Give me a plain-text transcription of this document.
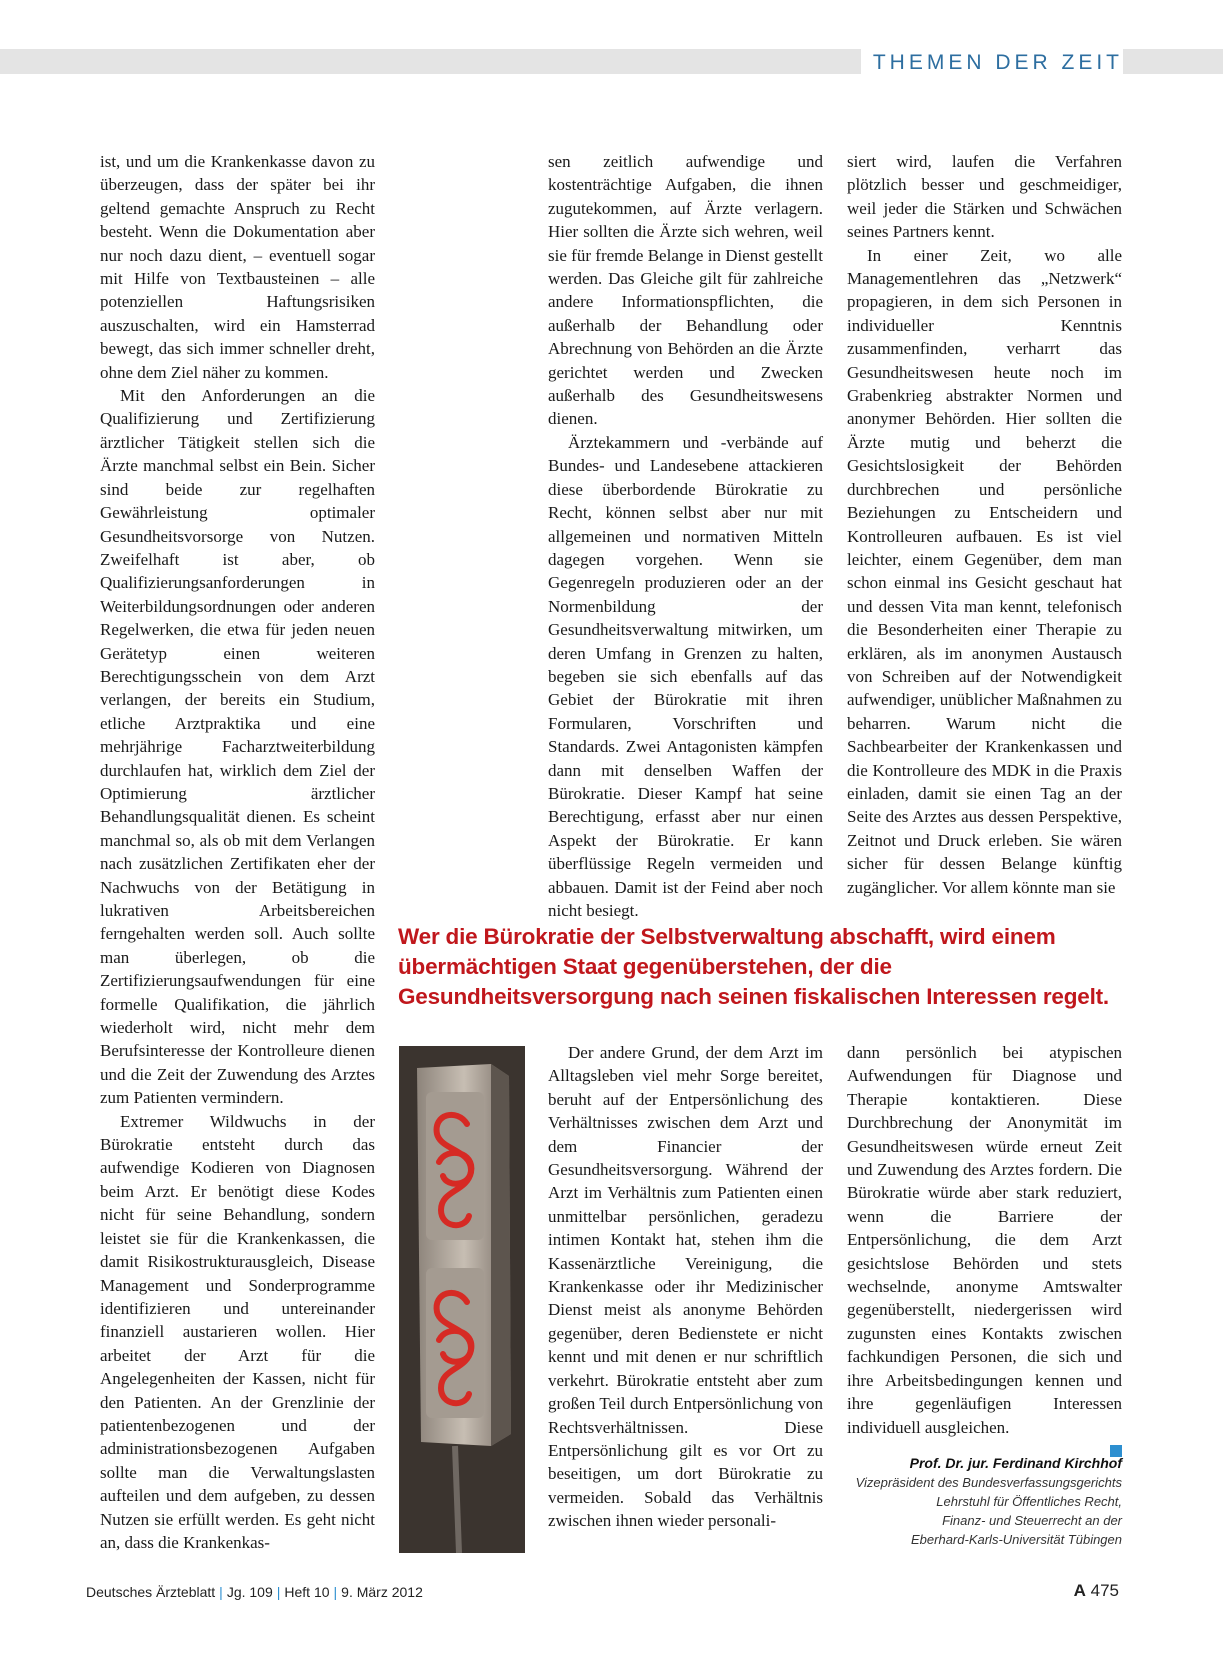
THEMEN DER ZEIT

ist, und um die Krankenkasse davon zu überzeugen, dass der später bei ihr geltend gemachte Anspruch zu Recht besteht. Wenn die Dokumentation aber nur noch dazu dient, – eventuell sogar mit Hilfe von Textbausteinen – alle potenziellen Haftungsrisiken auszuschalten, wird ein Hamsterrad bewegt, das sich immer schneller dreht, ohne dem Ziel näher zu kommen.

Mit den Anforderungen an die Qualifizierung und Zertifizierung ärztlicher Tätigkeit stellen sich die Ärzte manchmal selbst ein Bein. Sicher sind beide zur regelhaften Gewährleistung optimaler Gesundheitsvorsorge von Nutzen. Zweifelhaft ist aber, ob Qualifizierungsanforderungen in Weiterbildungsordnungen oder anderen Regelwerken, die etwa für jeden neuen Gerätetyp einen weiteren Berechtigungsschein von dem Arzt verlangen, der bereits ein Studium, etliche Arztpraktika und eine mehrjährige Facharztweiterbildung durchlaufen hat, wirklich dem Ziel der Optimierung ärztlicher Behandlungsqualität dienen. Es scheint manchmal so, als ob mit dem Verlangen nach zusätzlichen Zertifikaten eher der Nachwuchs von der Betätigung in lukrativen Arbeitsbereichen ferngehalten werden soll. Auch sollte man überlegen, ob die Zertifizierungsaufwendungen für eine formelle Qualifikation, die jährlich wiederholt wird, nicht mehr dem Berufsinteresse der Kontrolleure dienen und die Zeit der Zuwendung des Arztes zum Patienten vermindern.

Extremer Wildwuchs in der Bürokratie entsteht durch das aufwendige Kodieren von Diagnosen beim Arzt. Er benötigt diese Kodes nicht für seine Behandlung, sondern leistet sie für die Krankenkassen, die damit Risikostrukturausgleich, Disease Management und Sonderprogramme identifizieren und untereinander finanziell austarieren wollen. Hier arbeitet der Arzt für die Angelegenheiten der Kassen, nicht für den Patienten. An der Grenzlinie der patientenbezogenen und der administrationsbezogenen Aufgaben sollte man die Verwaltungslasten aufteilen und dem aufgeben, zu dessen Nutzen sie erfüllt werden. Es geht nicht an, dass die Krankenkas-

sen zeitlich aufwendige und kostenträchtige Aufgaben, die ihnen zugutekommen, auf Ärzte verlagern. Hier sollten die Ärzte sich wehren, weil sie für fremde Belange in Dienst gestellt werden. Das Gleiche gilt für zahlreiche andere Informationspflichten, die außerhalb der Behandlung oder Abrechnung von Behörden an die Ärzte gerichtet werden und Zwecken außerhalb des Gesundheitswesens dienen.

Ärztekammern und -verbände auf Bundes- und Landesebene attackieren diese überbordende Bürokratie zu Recht, können selbst aber nur mit allgemeinen und normativen Mitteln dagegen vorgehen. Wenn sie Gegenregeln produzieren oder an der Normenbildung der Gesundheitsverwaltung mitwirken, um deren Umfang in Grenzen zu halten, begeben sie sich ebenfalls auf das Gebiet der Bürokratie mit ihren Formularen, Vorschriften und Standards. Zwei Antagonisten kämpfen dann mit denselben Waffen der Bürokratie. Dieser Kampf hat seine Berechtigung, erfasst aber nur einen Aspekt der Bürokratie. Er kann überflüssige Regeln vermeiden und abbauen. Damit ist der Feind aber noch nicht besiegt.

siert wird, laufen die Verfahren plötzlich besser und geschmeidiger, weil jeder die Stärken und Schwächen seines Partners kennt.

In einer Zeit, wo alle Managementlehren das „Netzwerk“ propagieren, in dem sich Personen in individueller Kenntnis zusammenfinden, verharrt das Gesundheitswesen heute noch im Grabenkrieg abstrakter Normen und anonymer Behörden. Hier sollten die Ärzte mutig und beherzt die Gesichtslosigkeit der Behörden durchbrechen und persönliche Beziehungen zu Entscheidern und Kontrolleuren aufbauen. Es ist viel leichter, einem Gegenüber, dem man schon einmal ins Gesicht geschaut hat und dessen Vita man kennt, telefonisch die Besonderheiten einer Therapie zu erklären, als im anonymen Austausch von Schreiben auf der Notwendigkeit aufwendiger, unüblicher Maßnahmen zu beharren. Warum nicht die Sachbearbeiter der Krankenkassen und die Kontrolleure des MDK in die Praxis einladen, damit sie einen Tag an der Seite des Arztes aus dessen Perspektive, Zeitnot und Druck erleben. Sie wären sicher für dessen Belange künftig zugänglicher. Vor allem könnte man sie

Wer die Bürokratie der Selbstverwaltung abschafft, wird einem übermächtigen Staat gegenüberstehen, der die Gesundheitsversorgung nach seinen fiskalischen Interessen regelt.

Der andere Grund, der dem Arzt im Alltagsleben viel mehr Sorge bereitet, beruht auf der Entpersönlichung des Verhältnisses zwischen dem Arzt und dem Financier der Gesundheitsversorgung. Während der Arzt im Verhältnis zum Patienten einen unmittelbar persönlichen, geradezu intimen Kontakt hat, stehen ihm die Kassenärztliche Vereinigung, die Krankenkasse oder ihr Medizinischer Dienst meist als anonyme Behörden gegenüber, deren Bedienstete er nicht kennt und mit denen er nur schriftlich verkehrt. Bürokratie entsteht aber zum großen Teil durch Entpersönlichung von Rechtsverhältnissen. Diese Entpersönlichung gilt es vor Ort zu beseitigen, um dort Bürokratie zu vermeiden. Sobald das Verhältnis zwischen ihnen wieder personali-

dann persönlich bei atypischen Aufwendungen für Diagnose und Therapie kontaktieren. Diese Durchbrechung der Anonymität im Gesundheitswesen würde erneut Zeit und Zuwendung des Arztes fordern. Die Bürokratie würde aber stark reduziert, wenn die Barriere der Entpersönlichung, die dem Arzt gesichtslose Behörden und stets wechselnde, anonyme Amtswalter gegenüberstellt, niedergerissen wird zugunsten eines Kontakts zwischen fachkundigen Personen, die sich und ihre Arbeitsbedingungen kennen und ihre gegenläufigen Interessen individuell ausgleichen.

Prof. Dr. jur. Ferdinand Kirchhof
Vizepräsident des Bundesverfassungsgerichts
Lehrstuhl für Öffentliches Recht,
Finanz- und Steuerrecht an der
Eberhard-Karls-Universität Tübingen
Deutsches Ärzteblatt | Jg. 109 | Heft 10 | 9. März 2012	A 475
